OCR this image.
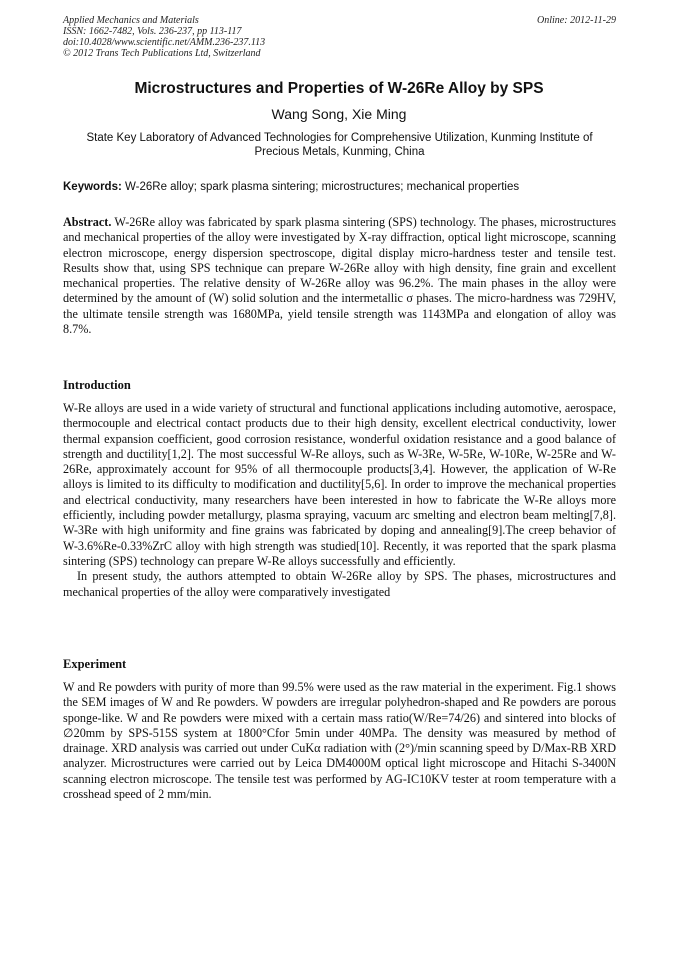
Applied Mechanics and Materials
ISSN: 1662-7482, Vols. 236-237, pp 113-117
doi:10.4028/www.scientific.net/AMM.236-237.113
© 2012 Trans Tech Publications Ltd, Switzerland
Online: 2012-11-29
Microstructures and Properties of W-26Re Alloy by SPS
Wang Song, Xie Ming
State Key Laboratory of Advanced Technologies for Comprehensive Utilization, Kunming Institute of Precious Metals, Kunming, China
Keywords: W-26Re alloy; spark plasma sintering; microstructures; mechanical properties

Abstract. W-26Re alloy was fabricated by spark plasma sintering (SPS) technology. The phases, microstructures and mechanical properties of the alloy were investigated by X-ray diffraction, optical light microscope, scanning electron microscope, energy dispersion spectroscope, digital display micro-hardness tester and tensile test. Results show that, using SPS technique can prepare W-26Re alloy with high density, fine grain and excellent mechanical properties. The relative density of W-26Re alloy was 96.2%. The main phases in the alloy were determined by the amount of (W) solid solution and the intermetallic σ phases. The micro-hardness was 729HV, the ultimate tensile strength was 1680MPa, yield tensile strength was 1143MPa and elongation of alloy was 8.7%.

Introduction

W-Re alloys are used in a wide variety of structural and functional applications including automotive, aerospace, thermocouple and electrical contact products due to their high density, excellent electrical conductivity, lower thermal expansion coefficient, good corrosion resistance, wonderful oxidation resistance and a good balance of strength and ductility[1,2]. The most successful W-Re alloys, such as W-3Re, W-5Re, W-10Re, W-25Re and W-26Re, approximately account for 95% of all thermocouple products[3,4]. However, the application of W-Re alloys is limited to its difficulty to modification and ductility[5,6]. In order to improve the mechanical properties and electrical conductivity, many researchers have been interested in how to fabricate the W-Re alloys more efficiently, including powder metallurgy, plasma spraying, vacuum arc smelting and electron beam melting[7,8]. W-3Re with high uniformity and fine grains was fabricated by doping and annealing[9].The creep behavior of W-3.6%Re-0.33%ZrC alloy with high strength was studied[10]. Recently, it was reported that the spark plasma sintering (SPS) technology can prepare W-Re alloys successfully and efficiently.

In present study, the authors attempted to obtain W-26Re alloy by SPS. The phases, microstructures and mechanical properties of the alloy were comparatively investigated

Experiment

W and Re powders with purity of more than 99.5% were used as the raw material in the experiment. Fig.1 shows the SEM images of W and Re powders. W powders are irregular polyhedron-shaped and Re powders are porous sponge-like. W and Re powders were mixed with a certain mass ratio(W/Re=74/26) and sintered into blocks of ∅20mm by SPS-515S system at 1800°Cfor 5min under 40MPa. The density was measured by method of drainage. XRD analysis was carried out under CuKα radiation with (2°)/min scanning speed by D/Max-RB XRD analyzer. Microstructures were carried out by Leica DM4000M optical light microscope and Hitachi S-3400N scanning electron microscope. The tensile test was performed by AG-IC10KV tester at room temperature with a crosshead speed of 2 mm/min.
